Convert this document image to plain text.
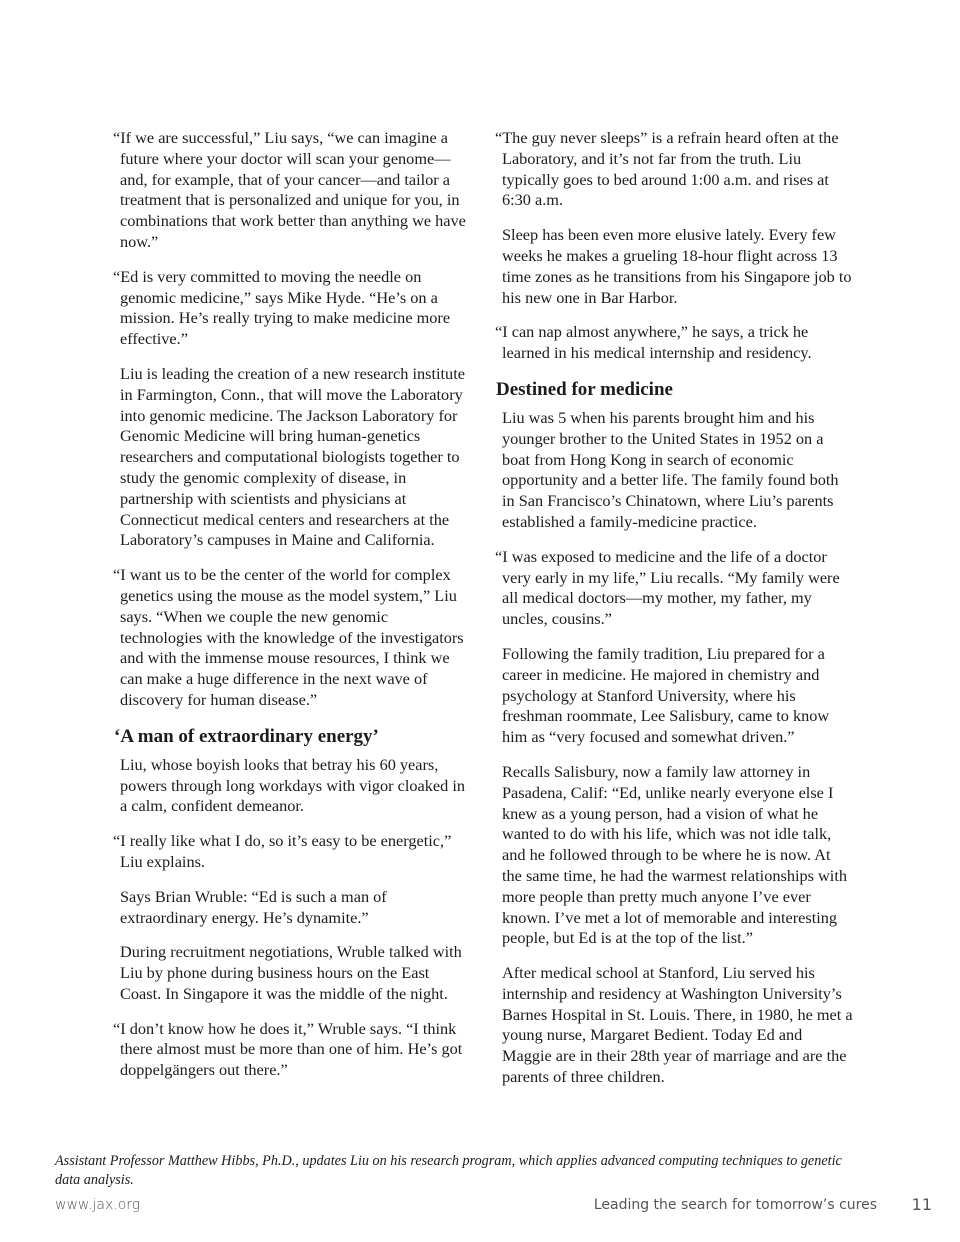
“If we are successful,” Liu says, “we can imagine a future where your doctor will scan your genome—and, for example, that of your cancer—and tailor a treatment that is personalized and unique for you, in combinations that work better than anything we have now.”

“Ed is very committed to moving the needle on genomic medicine,” says Mike Hyde. “He’s on a mission. He’s really trying to make medicine more effective.”

Liu is leading the creation of a new research institute in Farmington, Conn., that will move the Laboratory into genomic medicine. The Jackson Laboratory for Genomic Medicine will bring human-genetics researchers and computational biologists together to study the genomic complexity of disease, in partnership with scientists and physicians at Connecticut medical centers and researchers at the Laboratory’s campuses in Maine and California.

“I want us to be the center of the world for complex genetics using the mouse as the model system,” Liu says. “When we couple the new genomic technologies with the knowledge of the investigators and with the immense mouse resources, I think we can make a huge difference in the next wave of discovery for human disease.”

‘A man of extraordinary energy’

Liu, whose boyish looks that betray his 60 years, powers through long workdays with vigor cloaked in a calm, confident demeanor.

“I really like what I do, so it’s easy to be energetic,” Liu explains.

Says Brian Wruble: “Ed is such a man of extraordinary energy. He’s dynamite.”

During recruitment negotiations, Wruble talked with Liu by phone during business hours on the East Coast. In Singapore it was the middle of the night.

“I don’t know how he does it,” Wruble says. “I think there almost must be more than one of him. He’s got doppelgängers out there.”

“The guy never sleeps” is a refrain heard often at the Laboratory, and it’s not far from the truth. Liu typically goes to bed around 1:00 a.m. and rises at 6:30 a.m.

Sleep has been even more elusive lately. Every few weeks he makes a grueling 18-hour flight across 13 time zones as he transitions from his Singapore job to his new one in Bar Harbor.

“I can nap almost anywhere,” he says, a trick he learned in his medical internship and residency.

Destined for medicine

Liu was 5 when his parents brought him and his younger brother to the United States in 1952 on a boat from Hong Kong in search of economic opportunity and a better life. The family found both in San Francisco’s Chinatown, where Liu’s parents established a family-medicine practice.

“I was exposed to medicine and the life of a doctor very early in my life,” Liu recalls. “My family were all medical doctors—my mother, my father, my uncles, cousins.”

Following the family tradition, Liu prepared for a career in medicine. He majored in chemistry and psychology at Stanford University, where his freshman roommate, Lee Salisbury, came to know him as “very focused and somewhat driven.”

Recalls Salisbury, now a family law attorney in Pasadena, Calif: “Ed, unlike nearly everyone else I knew as a young person, had a vision of what he wanted to do with his life, which was not idle talk, and he followed through to be where he is now. At the same time, he had the warmest relationships with more people than pretty much anyone I’ve ever known. I’ve met a lot of memorable and interesting people, but Ed is at the top of the list.”

After medical school at Stanford, Liu served his internship and residency at Washington University’s Barnes Hospital in St. Louis. There, in 1980, he met a young nurse, Margaret Bedient. Today Ed and Maggie are in their 28th year of marriage and are the parents of three children.

Assistant Professor Matthew Hibbs, Ph.D., updates Liu on his research program, which applies advanced computing techniques to genetic data analysis.
www.jax.org	Leading the search for tomorrow’s cures 11
